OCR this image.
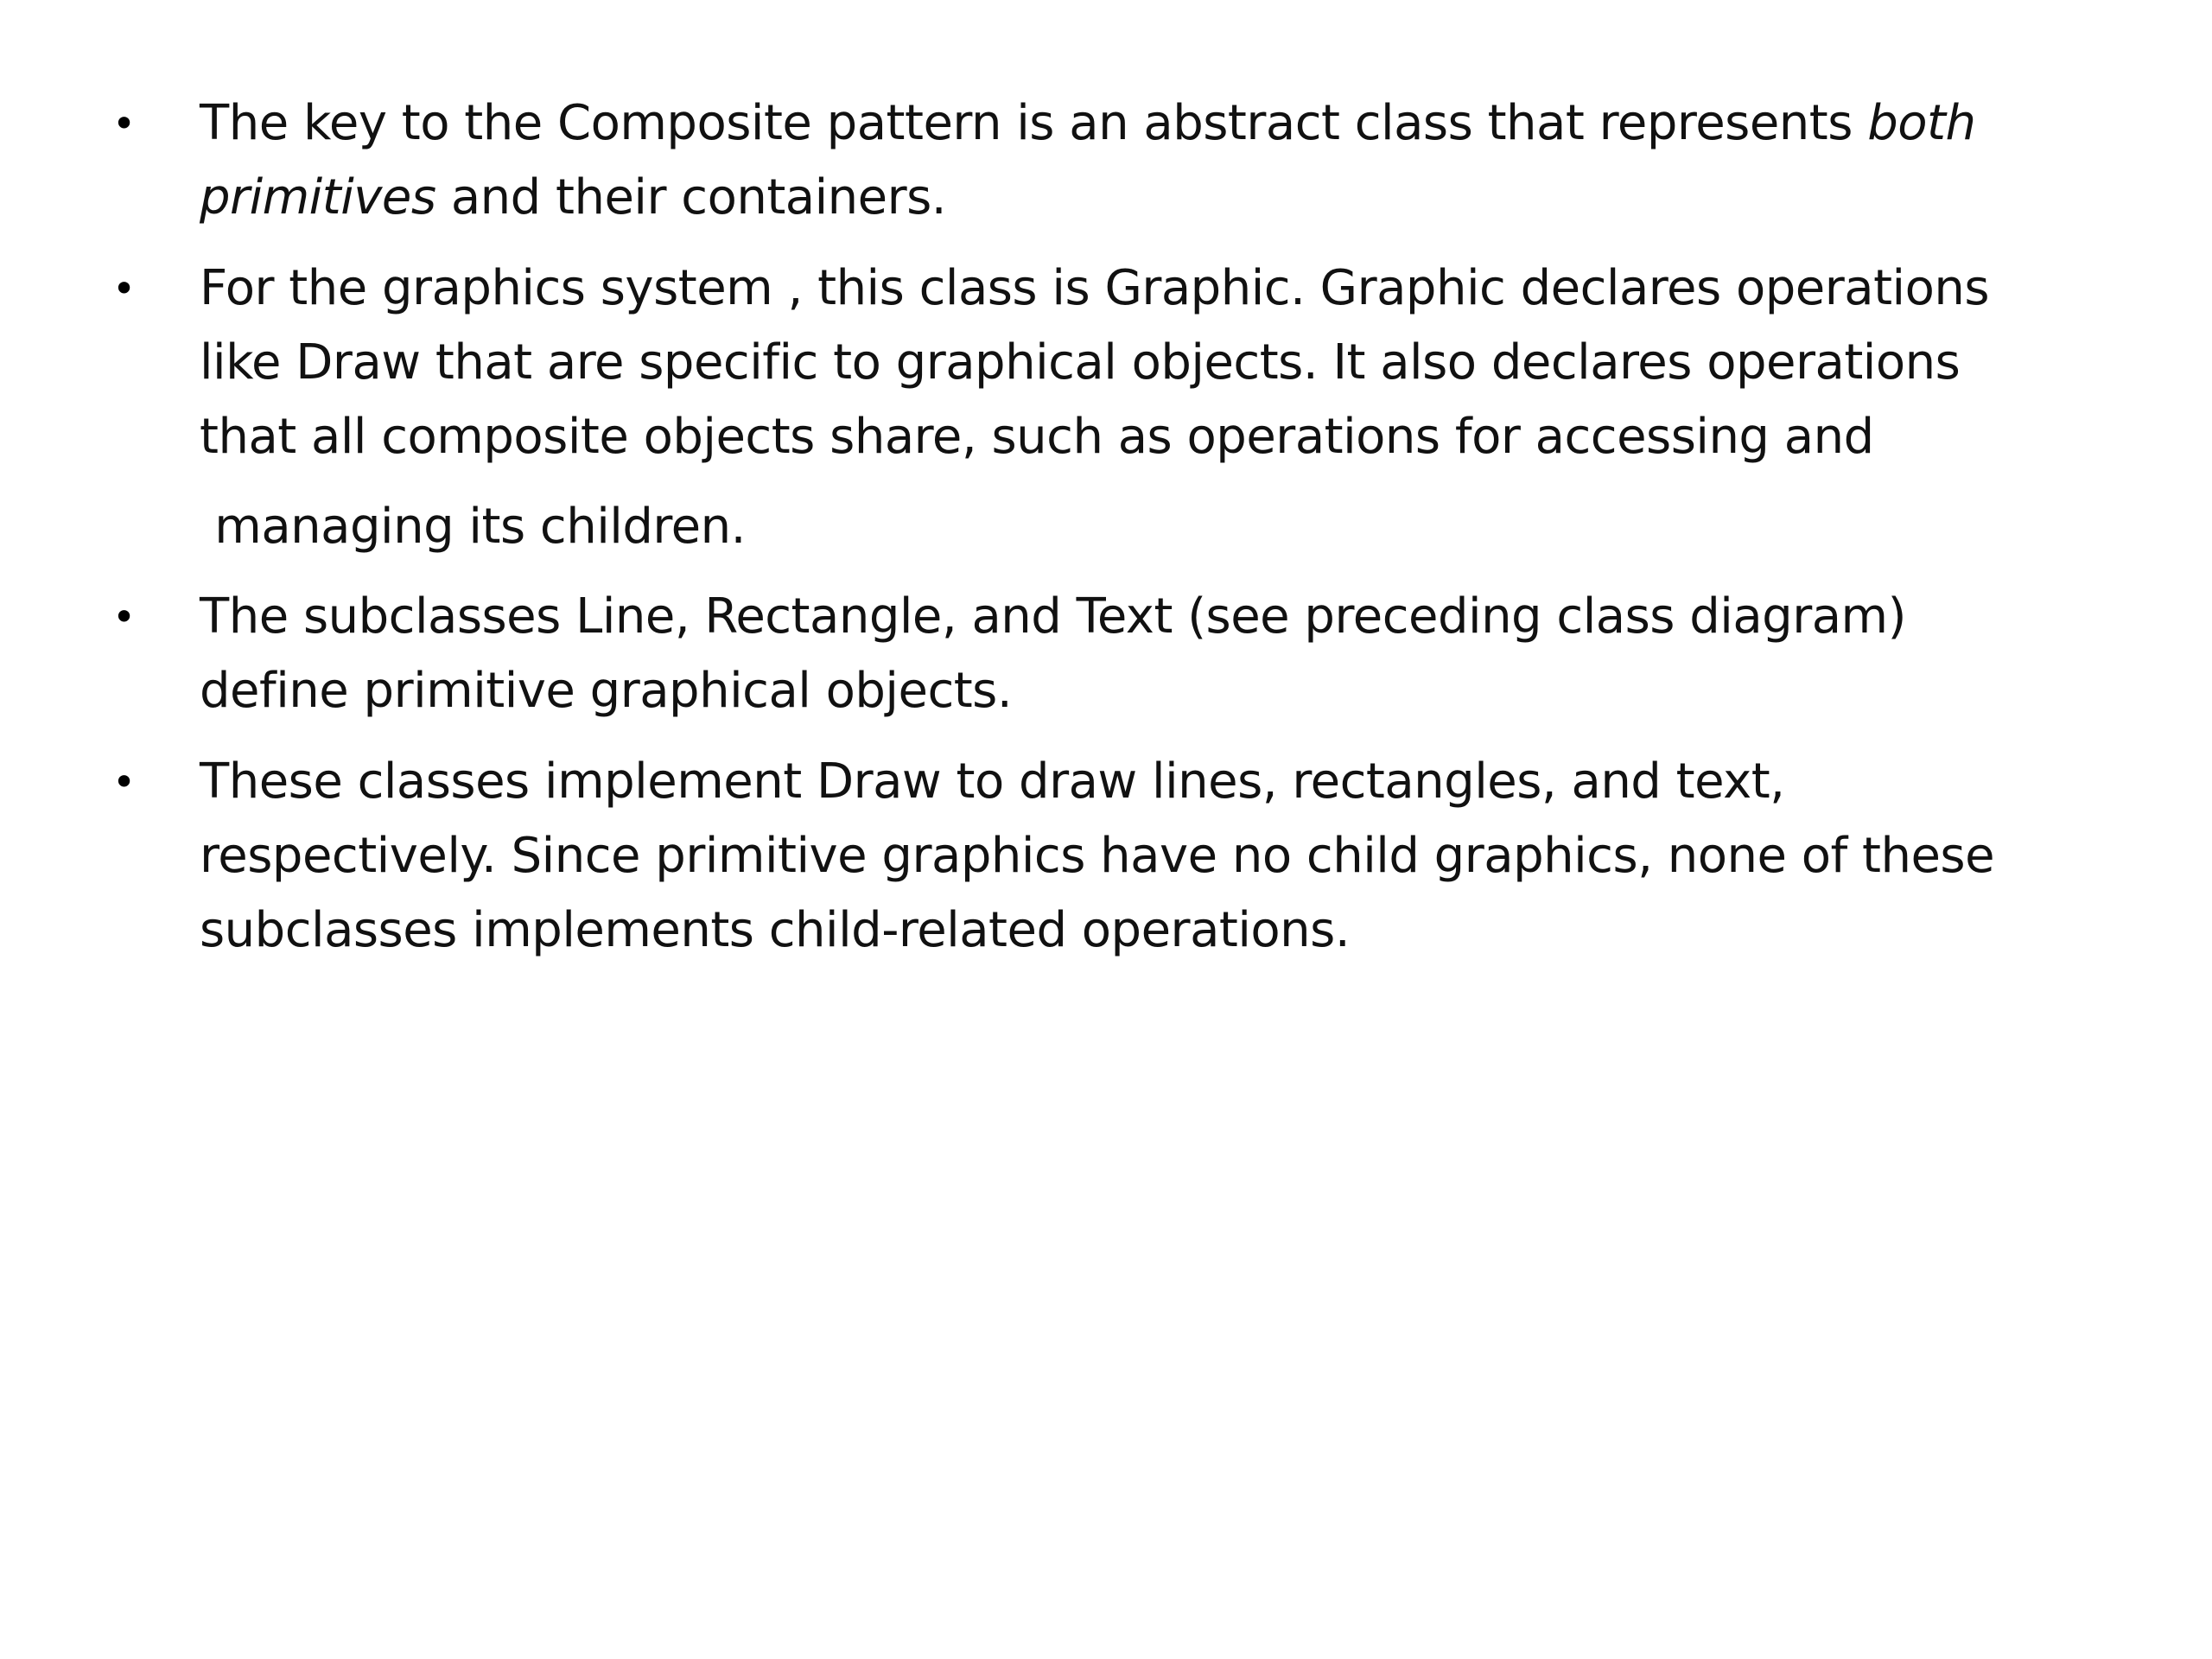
• The key to the Composite pattern is an abstract class that represents both
primitives and their containers.
• For the graphics system , this class is Graphic. Graphic declares operations
like Draw that are specific to graphical objects. It also declares operations
that all composite objects share, such as operations for accessing and
managing its children.
• The subclasses Line, Rectangle, and Text (see preceding class diagram)
define primitive graphical objects.
• These classes implement Draw to draw lines, rectangles, and text,
respectively. Since primitive graphics have no child graphics, none of these
subclasses implements child-related operations.
